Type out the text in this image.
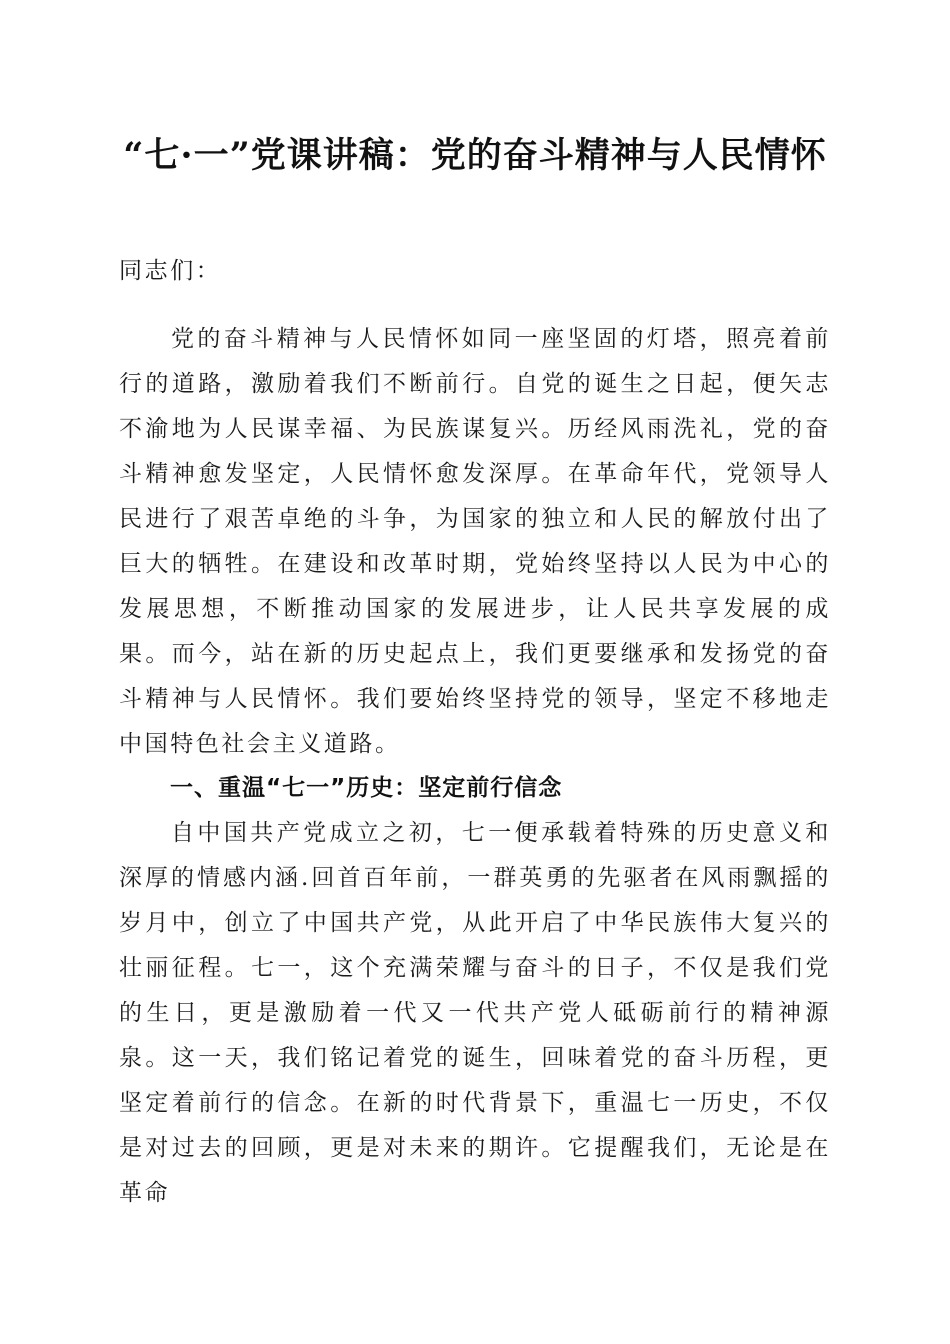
“七·一”党课讲稿：党的奋斗精神与人民情怀
同志们：
党的奋斗精神与人民情怀如同一座坚固的灯塔，照亮着前行的道路，激励着我们不断前行。自党的诞生之日起，便矢志不渝地为人民谋幸福、为民族谋复兴。历经风雨洗礼，党的奋斗精神愈发坚定，人民情怀愈发深厚。在革命年代，党领导人民进行了艰苦卓绝的斗争，为国家的独立和人民的解放付出了巨大的牺牲。在建设和改革时期，党始终坚持以人民为中心的发展思想，不断推动国家的发展进步，让人民共享发展的成果。而今，站在新的历史起点上，我们更要继承和发扬党的奋斗精神与人民情怀。我们要始终坚持党的领导，坚定不移地走中国特色社会主义道路。
一、重温“七一”历史：坚定前行信念
自中国共产党成立之初，七一便承载着特殊的历史意义和深厚的情感内涵.回首百年前，一群英勇的先驱者在风雨飘摇的岁月中，创立了中国共产党，从此开启了中华民族伟大复兴的壮丽征程。七一，这个充满荣耀与奋斗的日子，不仅是我们党的生日，更是激励着一代又一代共产党人砥砺前行的精神源泉。这一天，我们铭记着党的诞生，回味着党的奋斗历程，更坚定着前行的信念。在新的时代背景下，重温七一历史，不仅是对过去的回顾，更是对未来的期许。它提醒我们，无论是在革命
